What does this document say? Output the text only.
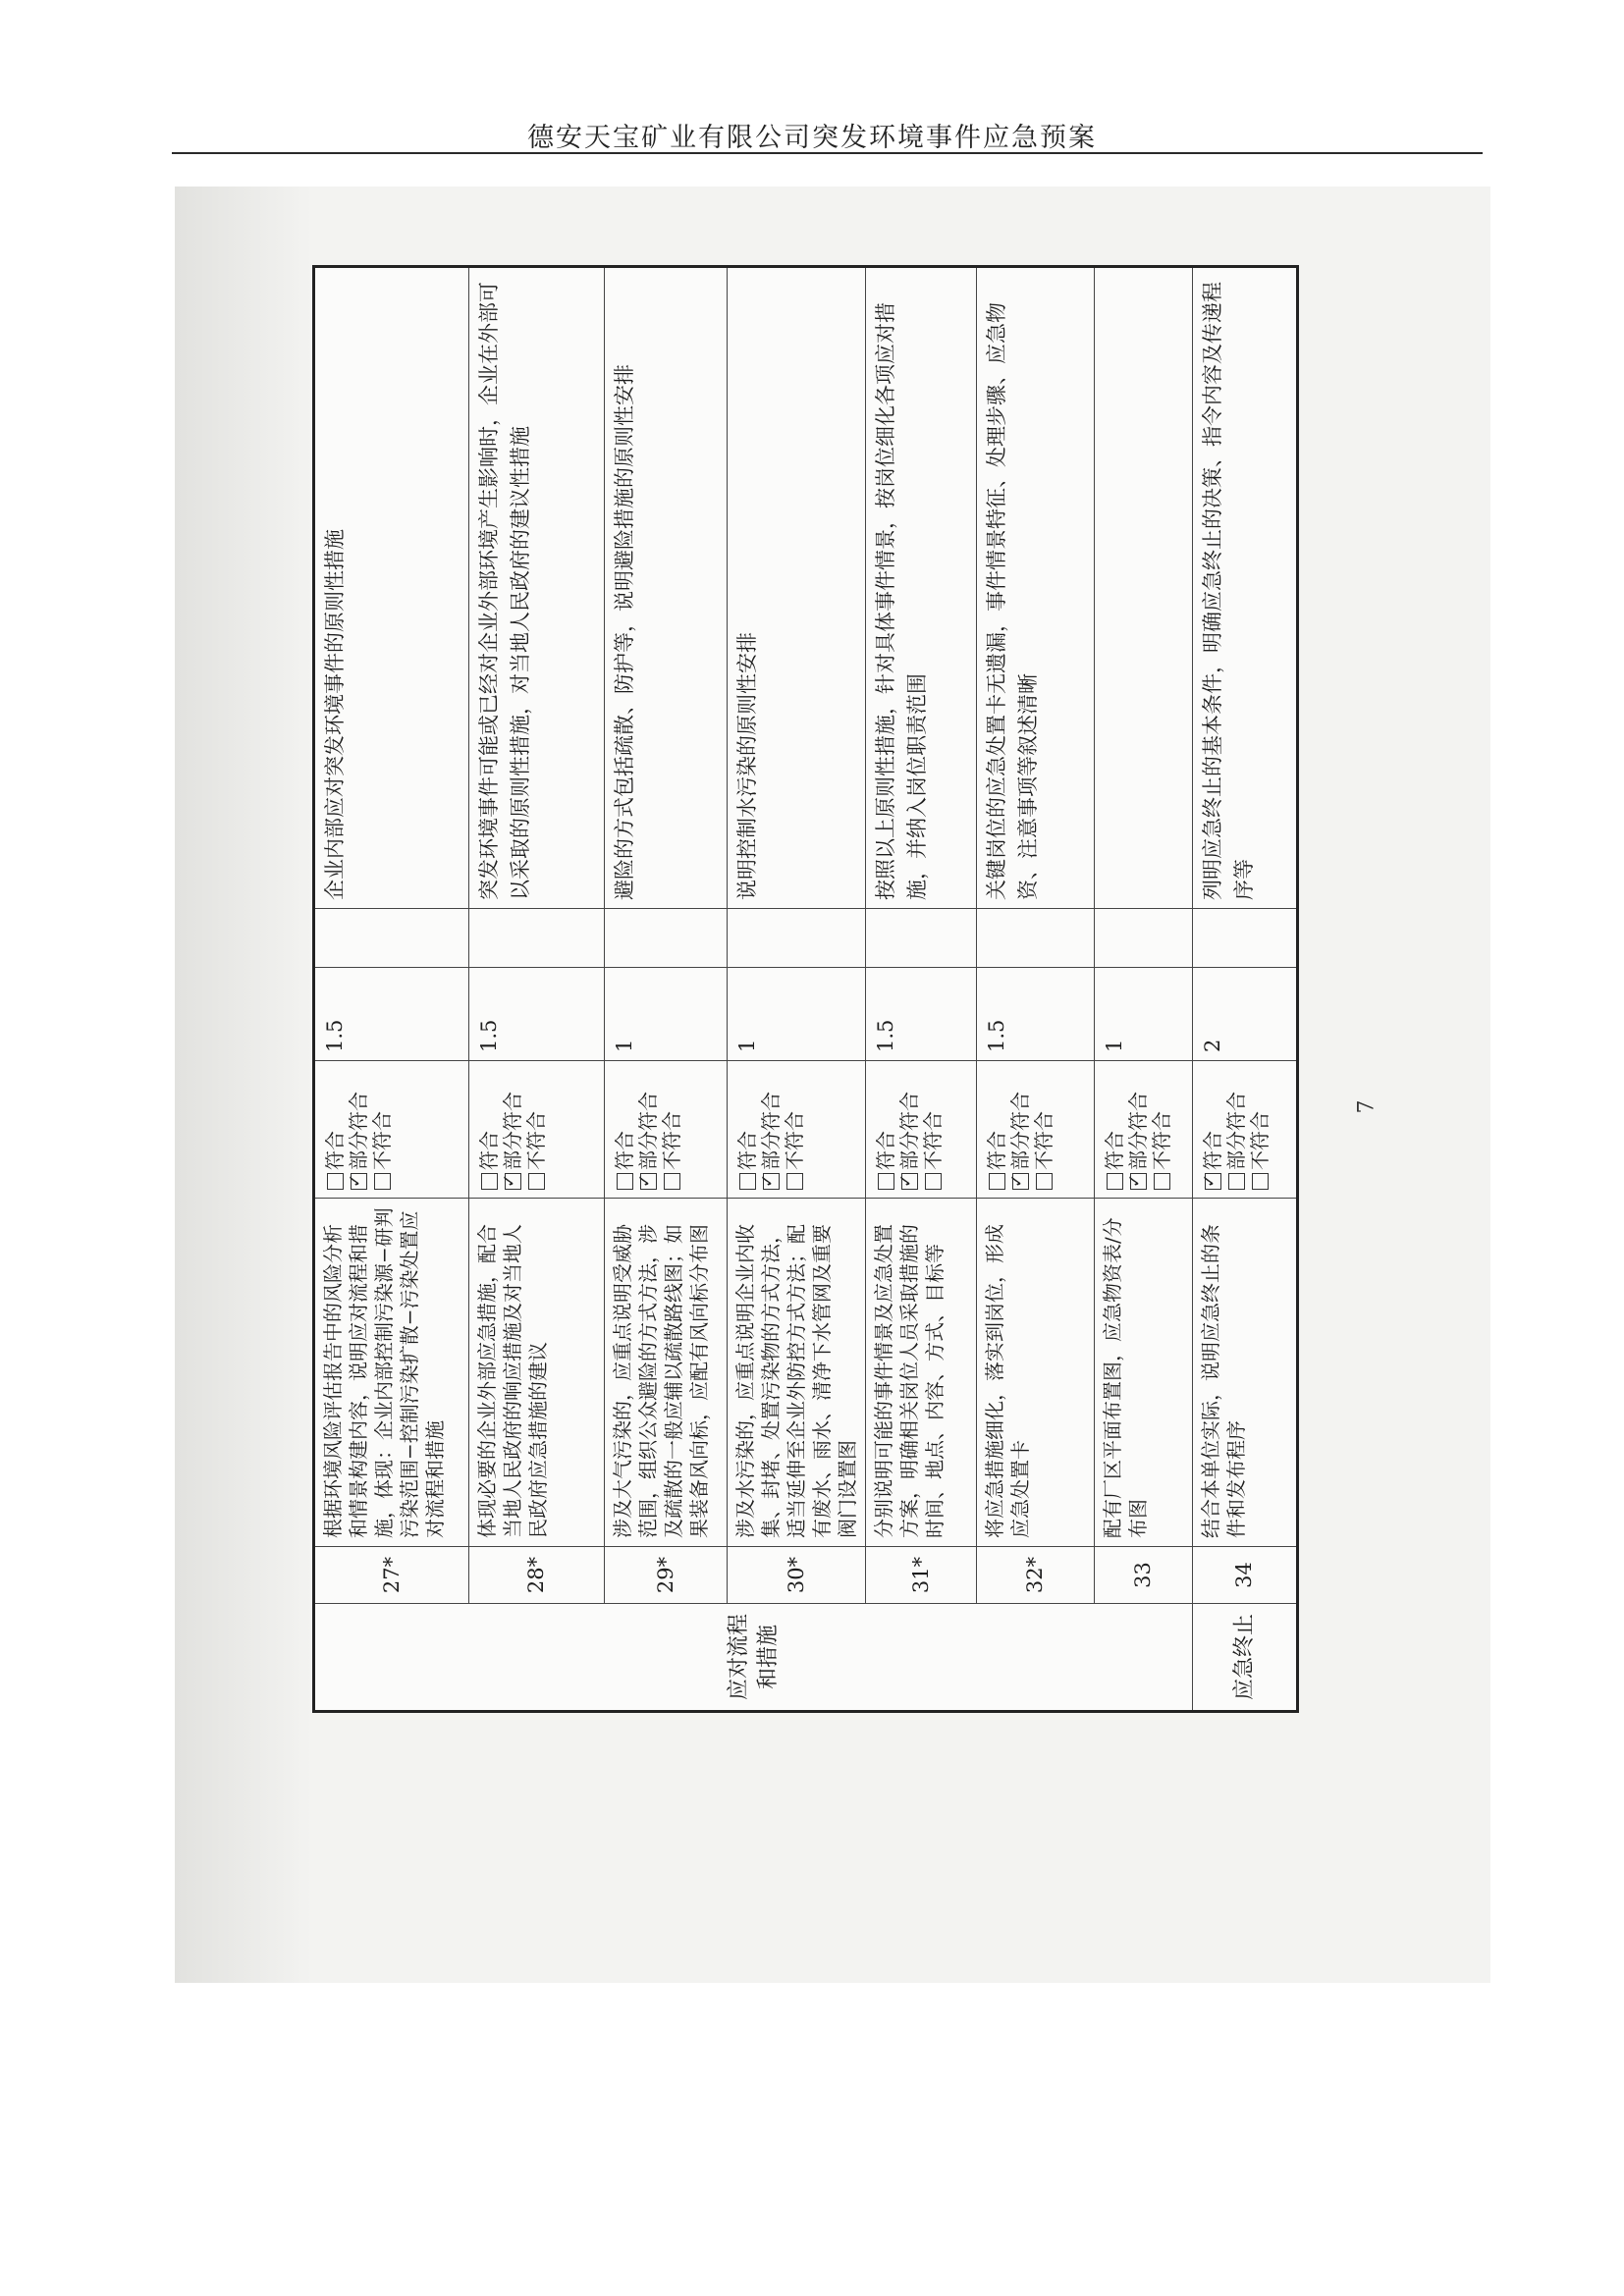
德安天宝矿业有限公司突发环境事件应急预案
应对流程和措施	27*	根据环境风险评估报告中的风险分析和情景构建内容，说明应对流程和措施，体现：企业内部控制污染源−研判污染范围−控制污染扩散−污染处置应对流程和措施	符合
✓ 部分符合 不符合	1.5		企业内部应对突发环境事件的原则性措施
	28*	体现必要的企业外部应急措施，配合当地人民政府的响应措施及对当地人民政府应急措施的建议	符合
✓ 部分符合 不符合	1.5		突发环境事件可能或已经对企业外部环境产生影响时，企业在外部可以采取的原则性措施，对当地人民政府的建议性措施
	29*	涉及大气污染的，应重点说明受威胁范围，组织公众避险的方式方法，涉及疏散的一般应辅以疏散路线图；如果装备风向标，应配有风向标分布图	符合
✓ 部分符合 不符合	1		避险的方式包括疏散、防护等，说明避险措施的原则性安排
	30*	涉及水污染的，应重点说明企业内收集、封堵、处置污染物的方式方法，适当延伸至企业外防控方式方法；配有废水、雨水、清净下水管网及重要阀门设置图	符合
✓ 部分符合 不符合	1		说明控制水污染的原则性安排
	31*	分别说明可能的事件情景及应急处置方案，明确相关岗位人员采取措施的时间、地点、内容、方式、目标等	符合
✓ 部分符合 不符合	1.5		按照以上原则性措施，针对具体事件情景，按岗位细化各项应对措施，并纳入岗位职责范围
	32*	将应急措施细化，落实到岗位，形成应急处置卡	符合
✓ 部分符合 不符合	1.5		关键岗位的应急处置卡无遗漏，事件情景特征、处理步骤、应急物资、注意事项等叙述清晰
	33	配有厂区平面布置图，应急物资表/分布图	符合
✓ 部分符合 不符合	1		
应急终止	34	结合本单位实际，说明应急终止的条件和发布程序	
✓符合 部分符合 不符合	2		列明应急终止的基本条件，明确应急终止的决策、指令内容及传递程序等
7
